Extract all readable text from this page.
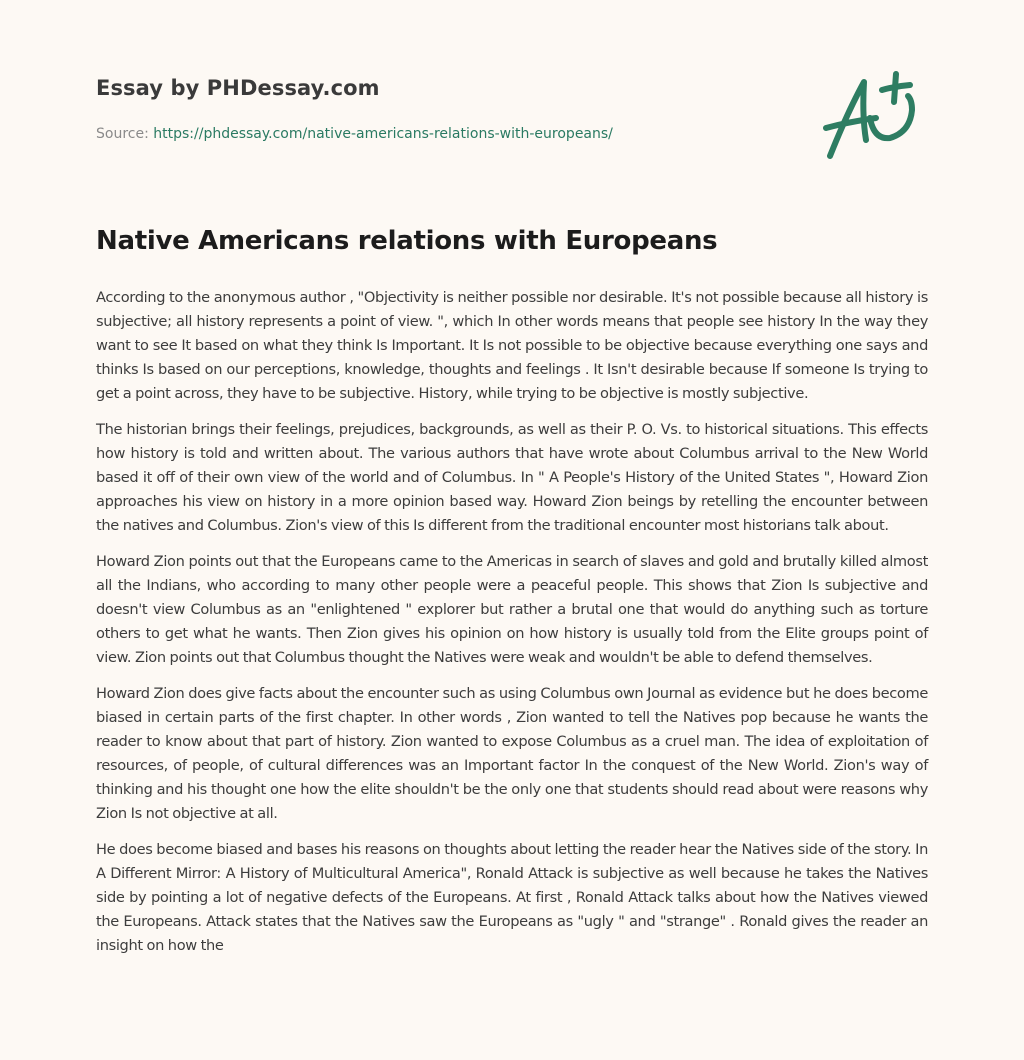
Essay by PHDessay.com
Source: https://phdessay.com/native-americans-relations-with-europeans/
Native Americans relations with Europeans

According to the anonymous author , "Objectivity is neither possible nor desirable. It's not possible because all history is subjective; all history represents a point of view. ", which In other words means that people see history In the way they want to see It based on what they think Is Important. It Is not possible to be objective because everything one says and thinks Is based on our perceptions, knowledge, thoughts and feelings . It Isn't desirable because If someone Is trying to get a point across, they have to be subjective. History, while trying to be objective is mostly subjective.

The historian brings their feelings, prejudices, backgrounds, as well as their P. O. Vs. to historical situations. This effects how history is told and written about. The various authors that have wrote about Columbus arrival to the New World based it off of their own view of the world and of Columbus. In " A People's History of the United States ", Howard Zion approaches his view on history in a more opinion based way. Howard Zion beings by retelling the encounter between the natives and Columbus. Zion's view of this Is different from the traditional encounter most historians talk about.

Howard Zion points out that the Europeans came to the Americas in search of slaves and gold and brutally killed almost all the Indians, who according to many other people were a peaceful people. This shows that Zion Is subjective and doesn't view Columbus as an "enlightened " explorer but rather a brutal one that would do anything such as torture others to get what he wants. Then Zion gives his opinion on how history is usually told from the Elite groups point of view. Zion points out that Columbus thought the Natives were weak and wouldn't be able to defend themselves.

Howard Zion does give facts about the encounter such as using Columbus own Journal as evidence but he does become biased in certain parts of the first chapter. In other words , Zion wanted to tell the Natives pop because he wants the reader to know about that part of history. Zion wanted to expose Columbus as a cruel man. The idea of exploitation of resources, of people, of cultural differences was an Important factor In the conquest of the New World. Zion's way of thinking and his thought one how the elite shouldn't be the only one that students should read about were reasons why Zion Is not objective at all.

He does become biased and bases his reasons on thoughts about letting the reader hear the Natives side of the story. In A Different Mirror: A History of Multicultural America", Ronald Attack is subjective as well because he takes the Natives side by pointing a lot of negative defects of the Europeans. At first , Ronald Attack talks about how the Natives viewed the Europeans. Attack states that the Natives saw the Europeans as "ugly " and "strange" . Ronald gives the reader an insight on how the
